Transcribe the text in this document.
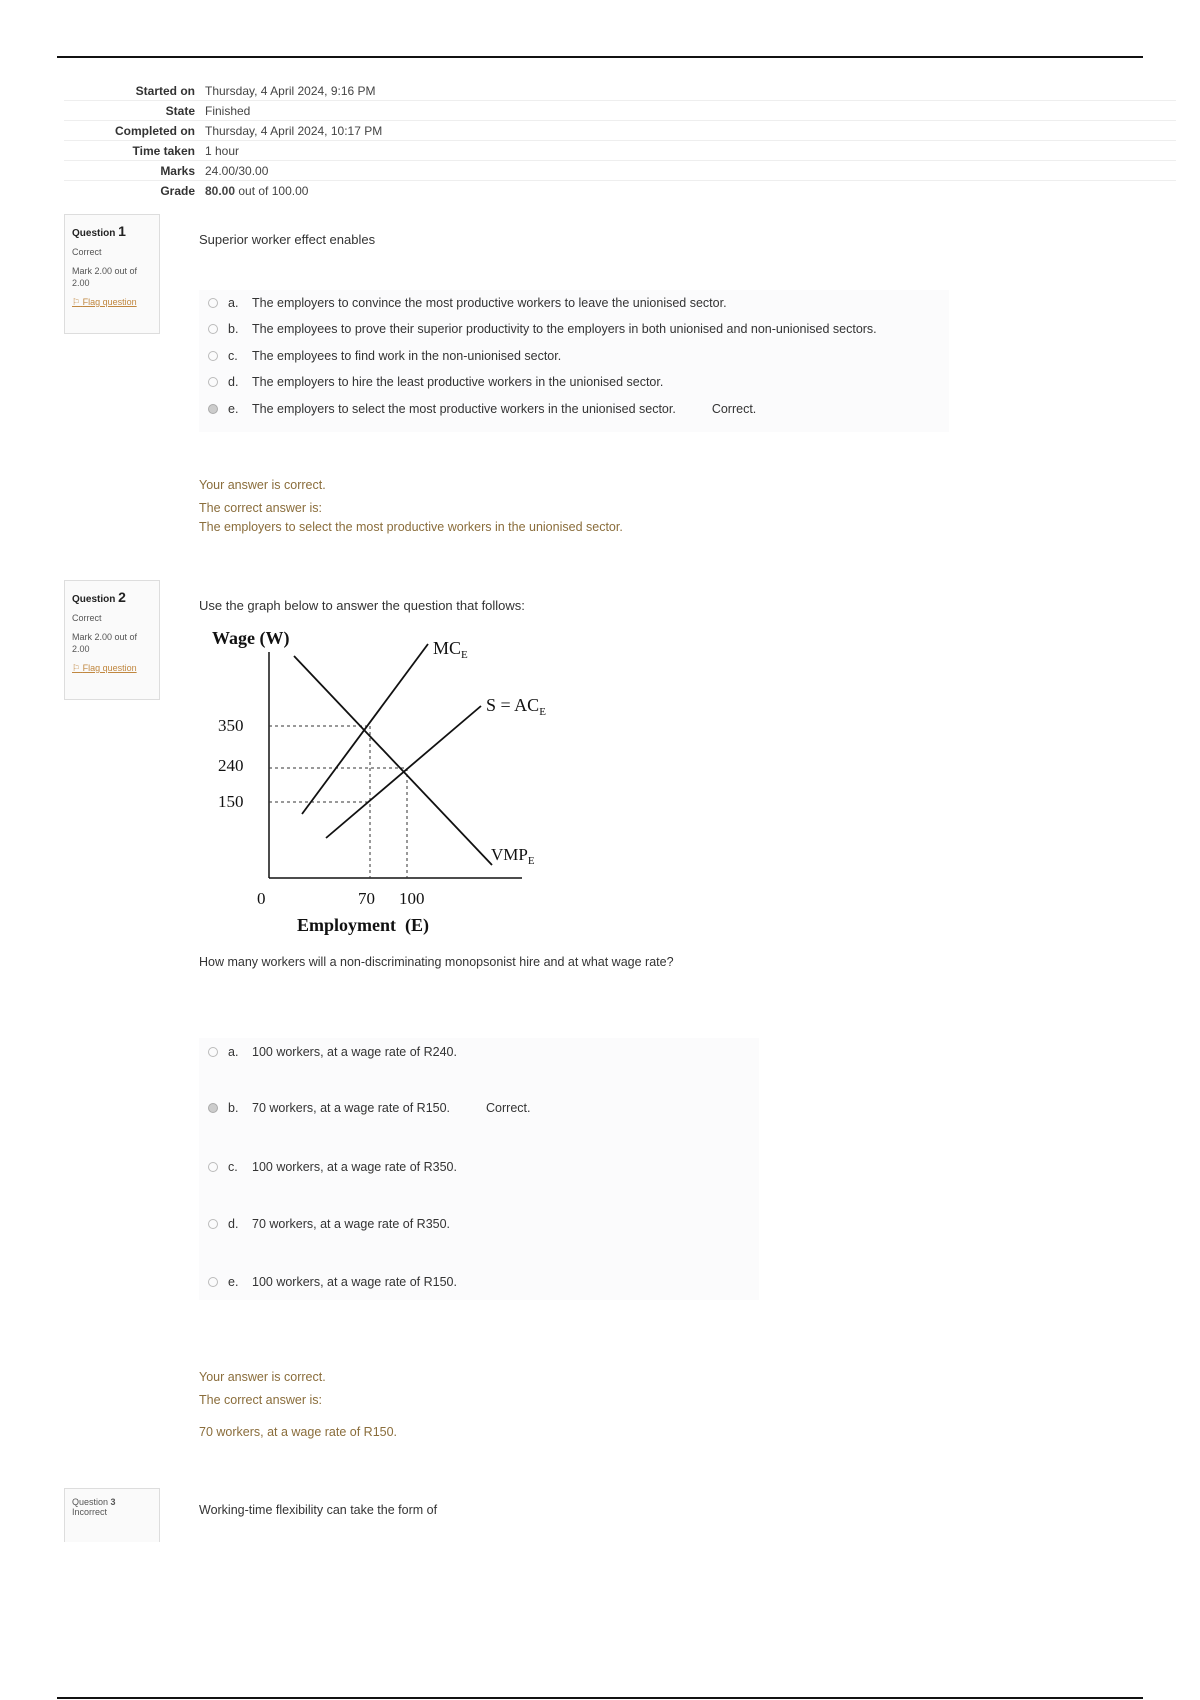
Started on Thursday, 4 April 2024, 9:16 PM
State Finished
Completed on Thursday, 4 April 2024, 10:17 PM
Time taken 1 hour
Marks 24.00/30.00
Grade 80.00 out of 100.00
Question 1
Correct
Mark 2.00 out of 2.00
⚐ Flag question
Superior worker effect enables
a.	The employers to convince the most productive workers to leave the unionised sector.
b.	The employees to prove their superior productivity to the employers in both unionised and non-unionised sectors.
c.	The employees to find work in the non-unionised sector.
d.	The employers to hire the least productive workers in the unionised sector.
e.	The employers to select the most productive workers in the unionised sector.	Correct.
Your answer is correct.
The correct answer is:
The employers to select the most productive workers in the unionised sector.
Question 2
Correct
Mark 2.00 out of 2.00
⚐ Flag question
Use the graph below to answer the question that follows:
Wage (W)	$MC_E$
$S = AC_E$
$VMP_E$
350
240
150
0	70 100
Employment  (E)
How many workers will a non-discriminating monopsonist hire and at what wage rate?
a.	100 workers, at a wage rate of R240.
b.	70 workers, at a wage rate of R150.	Correct.
c.	100 workers, at a wage rate of R350.
d.	70 workers, at a wage rate of R350.
e.	100 workers, at a wage rate of R150.
Your answer is correct.
The correct answer is:
70 workers, at a wage rate of R150.
Question 3
Incorrect	Working-time flexibility can take the form of
